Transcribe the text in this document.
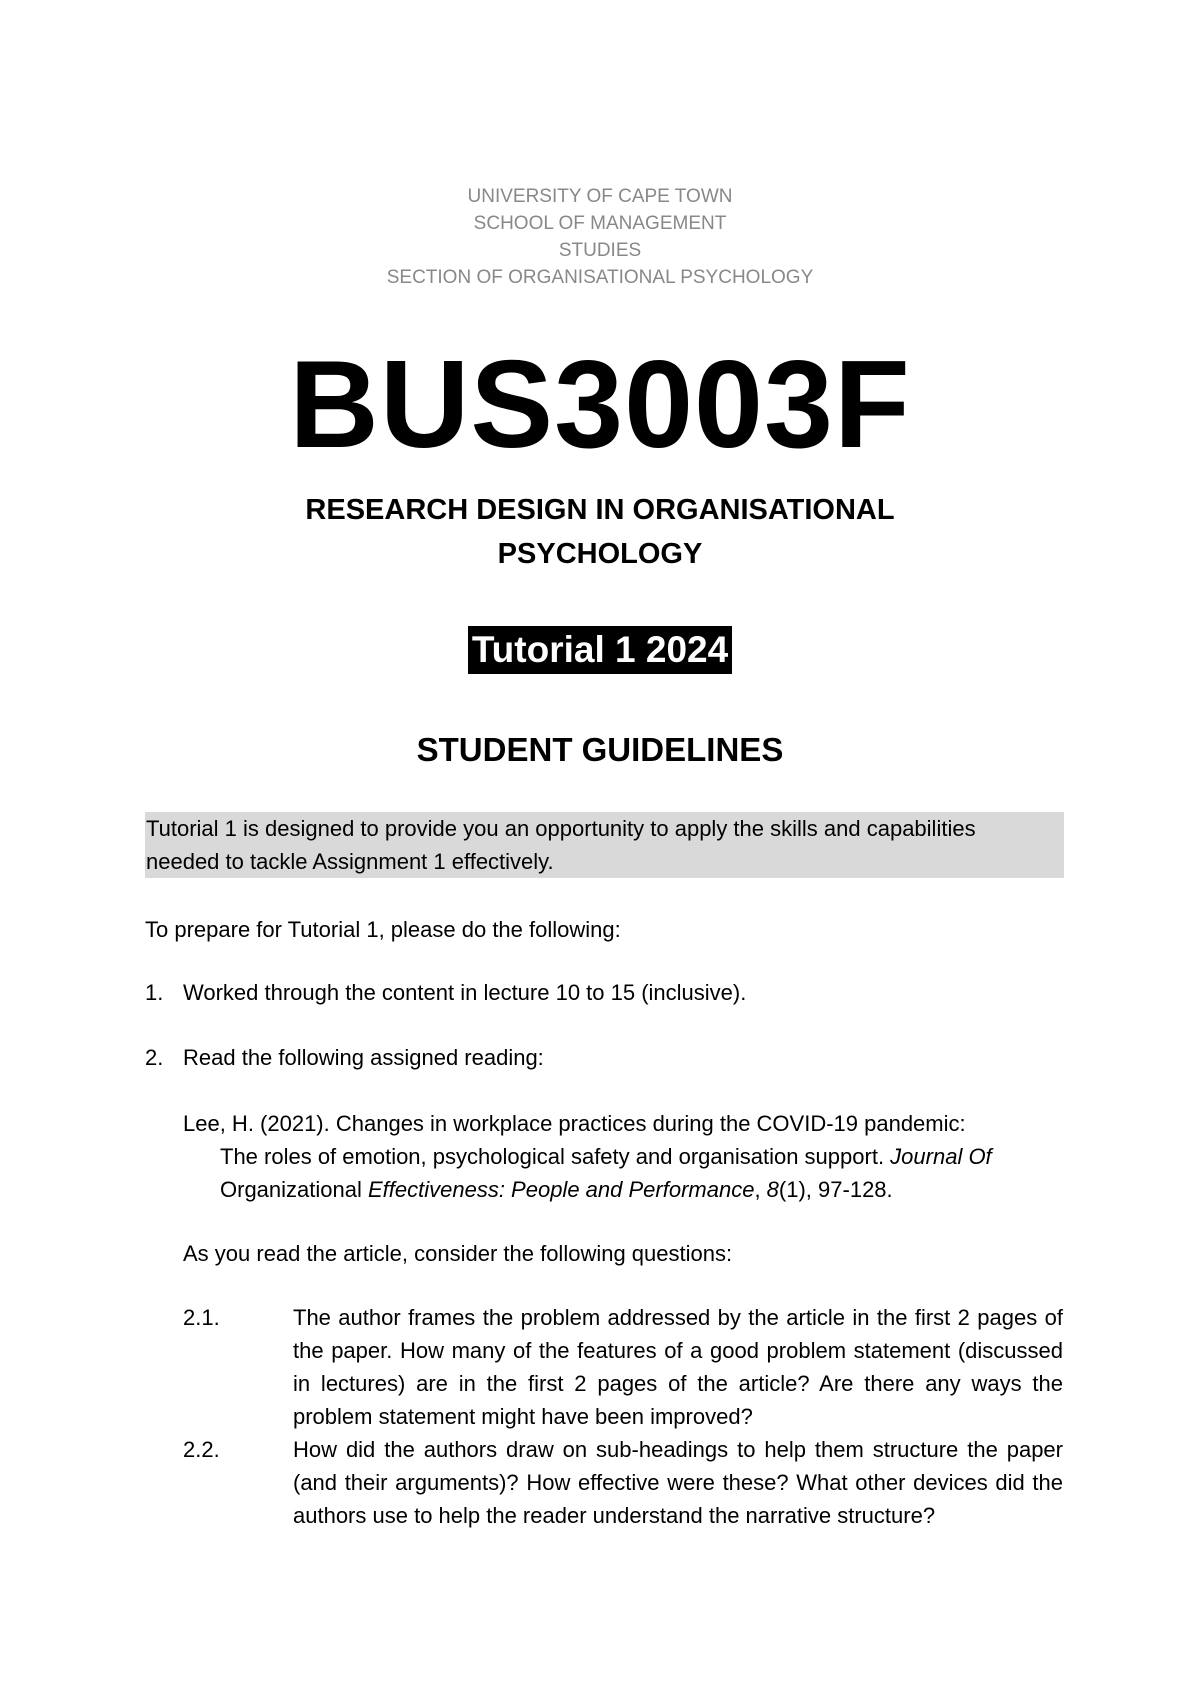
UNIVERSITY OF CAPE TOWN
SCHOOL OF MANAGEMENT
STUDIES
SECTION OF ORGANISATIONAL PSYCHOLOGY
BUS3003F
RESEARCH DESIGN IN ORGANISATIONAL
PSYCHOLOGY
Tutorial 1 2024
STUDENT GUIDELINES
Tutorial 1 is designed to provide you an opportunity to apply the skills and capabilities
needed to tackle Assignment 1 effectively.
To prepare for Tutorial 1, please do the following:
1. Worked through the content in lecture 10 to 15 (inclusive).
2. Read the following assigned reading:
Lee, H. (2021). Changes in workplace practices during the COVID-19 pandemic:
The roles of emotion, psychological safety and organisation support. Journal Of
Organizational Effectiveness: People and Performance, 8(1), 97-128.
As you read the article, consider the following questions:
2.1.	The author frames the problem addressed by the article in the first 2 pages of the paper. How many of the features of a good problem statement (discussed in lectures) are in the first 2 pages of the article? Are there any ways the problem statement might have been improved?
2.2.	How did the authors draw on sub-headings to help them structure the paper (and their arguments)? How effective were these? What other devices did the authors use to help the reader understand the narrative structure?
